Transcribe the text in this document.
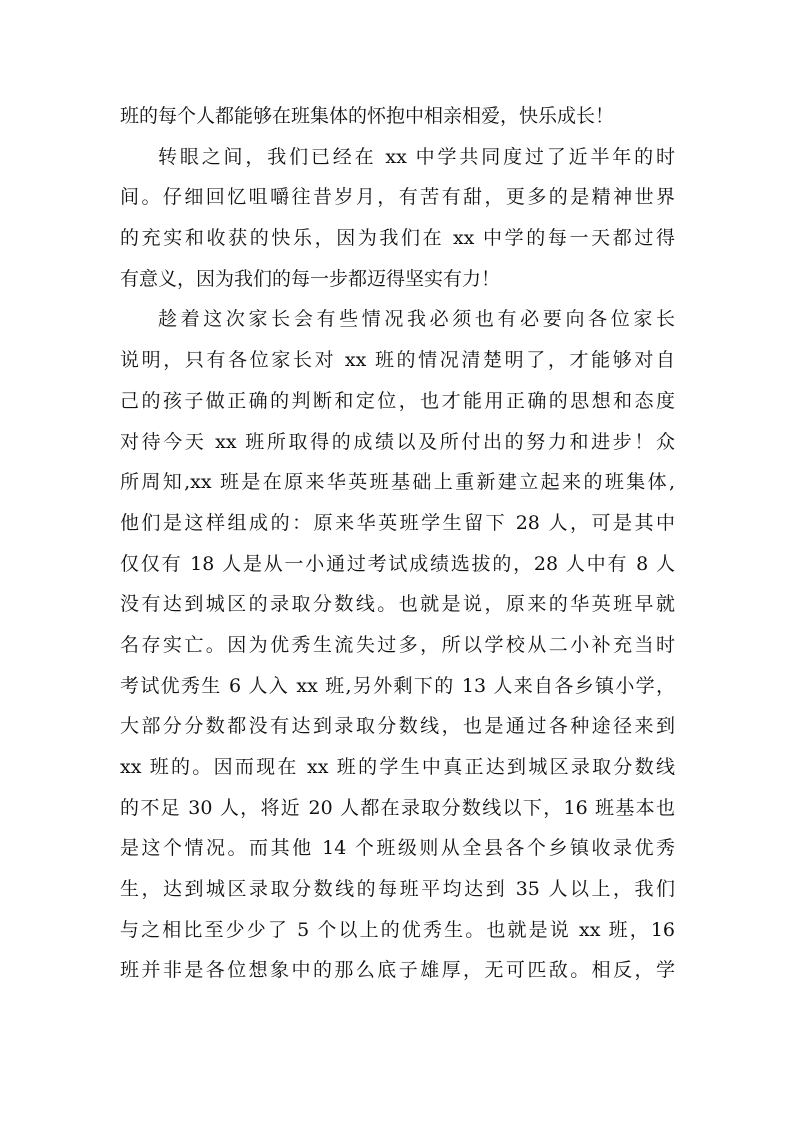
班的每个人都能够在班集体的怀抱中相亲相爱，快乐成长！
转眼之间，我们已经在 xx 中学共同度过了近半年的时
间。仔细回忆咀嚼往昔岁月，有苦有甜，更多的是精神世界
的充实和收获的快乐，因为我们在 xx 中学的每一天都过得
有意义，因为我们的每一步都迈得坚实有力！
趁着这次家长会有些情况我必须也有必要向各位家长
说明，只有各位家长对 xx 班的情况清楚明了，才能够对自
己的孩子做正确的判断和定位，也才能用正确的思想和态度
对待今天 xx 班所取得的成绩以及所付出的努力和进步！众
所周知,xx 班是在原来华英班基础上重新建立起来的班集体,
他们是这样组成的：原来华英班学生留下 28 人，可是其中
仅仅有 18 人是从一小通过考试成绩选拔的，28 人中有 8 人
没有达到城区的录取分数线。也就是说，原来的华英班早就
名存实亡。因为优秀生流失过多，所以学校从二小补充当时
考试优秀生 6 人入 xx 班,另外剩下的 13 人来自各乡镇小学，
大部分分数都没有达到录取分数线，也是通过各种途径来到
xx 班的。因而现在 xx 班的学生中真正达到城区录取分数线
的不足 30 人，将近 20 人都在录取分数线以下，16 班基本也
是这个情况。而其他 14 个班级则从全县各个乡镇收录优秀
生，达到城区录取分数线的每班平均达到 35 人以上，我们
与之相比至少少了 5 个以上的优秀生。也就是说 xx 班，16
班并非是各位想象中的那么底子雄厚，无可匹敌。相反，学
